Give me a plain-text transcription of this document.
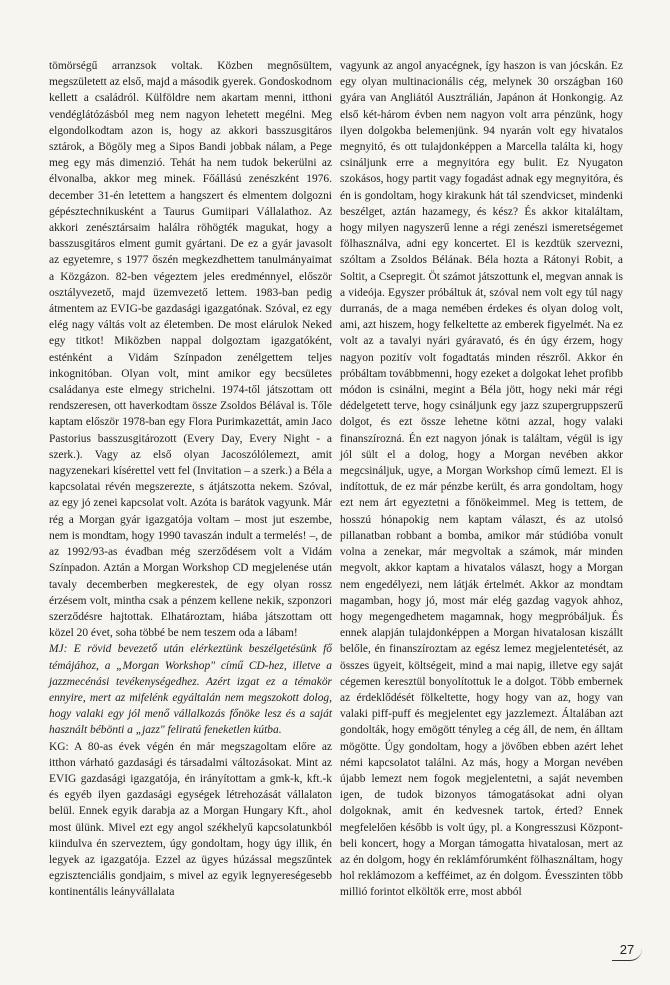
tömörségű arranzsok voltak. Közben megnősültem, megszületett az első, majd a második gyerek. Gondoskodnom kellett a családról. Külföldre nem akartam menni, itthoni vendéglátózásból meg nem nagyon lehetett megélni. Meg elgondolkodtam azon is, hogy az akkori basszusgitáros sztárok, a Bögöly meg a Sipos Bandi jobbak nálam, a Pege meg egy más dimenzió. Tehát ha nem tudok bekerülni az élvonalba, akkor meg minek. Főállású zenészként 1976. december 31-én letettem a hangszert és elmentem dolgozni gépésztechnikusként a Taurus Gumiipari Vállalathoz. Az akkori zenésztársaim halálra röhögték magukat, hogy a basszusgitáros elment gumit gyártani. De ez a gyár javasolt az egyetemre, s 1977 őszén megkezdhettem tanulmányaimat a Közgázon. 82-ben végeztem jeles eredménnyel, először osztályvezető, majd üzemvezető lettem. 1983-ban pedig átmentem az EVIG-be gazdasági igazgatónak. Szóval, ez egy elég nagy váltás volt az életemben. De most elárulok Neked egy titkot! Miközben nappal dolgoztam igazgatóként, esténként a Vidám Színpadon zenélgettem teljes inkognitóban. Olyan volt, mint amikor egy becsületes családanya este elmegy strichelni. 1974-től játszottam ott rendszeresen, ott haverkodtam össze Zsoldos Bélával is. Tőle kaptam először 1978-ban egy Flora Purimkazettát, amin Jaco Pastorius basszusgitározott (Every Day, Every Night - a szerk.). Vagy az első olyan Jacoszólólemezt, amit nagyzenekari kísérettel vett fel (Invitation – a szerk.) a Béla a kapcsolatai révén megszerezte, s átjátszotta nekem. Szóval, az egy jó zenei kapcsolat volt. Azóta is barátok vagyunk. Már rég a Morgan gyár igazgatója voltam – most jut eszembe, nem is mondtam, hogy 1990 tavaszán indult a termelés! –, de az 1992/93-as évadban még szerződésem volt a Vidám Színpadon. Aztán a Morgan Workshop CD megjelenése után tavaly decemberben megkerestek, de egy olyan rossz érzésem volt, mintha csak a pénzem kellene nekik, szponzori szerződésre hajtottak. Elhatároztam, hiába játszottam ott közel 20 évet, soha többé be nem teszem oda a lábam!

MJ: E rövid bevezető után elérkeztünk beszélgetésünk fő témájához, a „Morgan Workshop" című CD-hez, illetve a jazzmecénási tevékenységedhez. Azért izgat ez a témakör ennyire, mert az mifelénk egyáltalán nem megszokott dolog, hogy valaki egy jól menő vállalkozás főnöke lesz és a saját használt bébönti a „jazz" feliratú feneketlen kútba.

KG: A 80-as évek végén én már megszagoltam előre az itthon várható gazdasági és társadalmi változásokat. Mint az EVIG gazdasági igazgatója, én irányítottam a gmk-k, kft.-k és egyéb ilyen gazdasági egységek létrehozását vállalaton belül. Ennek egyik darabja az a Morgan Hungary Kft., ahol most ülünk. Mivel ezt egy angol székhelyű kapcsolatunkból kiindulva én szerveztem, úgy gondoltam, hogy úgy illik, én legyek az igazgatója. Ezzel az ügyes húzással megszűntek egzisztenciális gondjaim, s mivel az egyik legnyereségesebb kontinentális leányvállalata

vagyunk az angol anyacégnek, így haszon is van jócskán. Ez egy olyan multinacionális cég, melynek 30 országban 160 gyára van Angliától Ausztrálián, Japánon át Honkongig. Az első két-három évben nem nagyon volt arra pénzünk, hogy ilyen dolgokba belemenjünk. 94 nyarán volt egy hivatalos megnyitó, és ott tulajdonképpen a Marcella találta ki, hogy csináljunk erre a megnyitóra egy bulit. Ez Nyugaton szokásos, hogy partit vagy fogadást adnak egy megnyitóra, és én is gondoltam, hogy kirakunk hát tál szendvicset, mindenki beszélget, aztán hazamegy, és kész? És akkor kitaláltam, hogy milyen nagyszerű lenne a régi zenészi ismeretségemet fölhasználva, adni egy koncertet. El is kezdtük szervezni, szóltam a Zsoldos Bélának. Béla hozta a Rátonyi Robit, a Soltit, a Csepregit. Öt számot játszottunk el, megvan annak is a videója. Egyszer próbáltuk át, szóval nem volt egy túl nagy durranás, de a maga nemében érdekes és olyan dolog volt, ami, azt hiszem, hogy felkeltette az emberek figyelmét. Na ez volt az a tavalyi nyári gyáravató, és én úgy érzem, hogy nagyon pozitív volt fogadtatás minden részről. Akkor én próbáltam továbbmenni, hogy ezeket a dolgokat lehet profibb módon is csinálni, megint a Béla jött, hogy neki már régi dédelgetett terve, hogy csináljunk egy jazz szupergruppszerű dolgot, és ezt össze lehetne kötni azzal, hogy valaki finanszírozná. Én ezt nagyon jónak is találtam, végül is igy jól sült el a dolog, hogy a Morgan nevében akkor megcsináljuk, ugye, a Morgan Workshop című lemezt. El is indítottuk, de ez már pénzbe került, és arra gondoltam, hogy ezt nem árt egyeztetni a főnökeimmel. Meg is tettem, de hosszú hónapokig nem kaptam választ, és az utolsó pillanatban robbant a bomba, amikor már stúdióba vonult volna a zenekar, már megvoltak a számok, már minden megvolt, akkor kaptam a hivatalos választ, hogy a Morgan nem engedélyezi, nem látják értelmét. Akkor az mondtam magamban, hogy jó, most már elég gazdag vagyok ahhoz, hogy megengedhetem magamnak, hogy megpróbáljuk. És ennek alapján tulajdonképpen a Morgan hivatalosan kiszállt belőle, én finanszíroztam az egész lemez megjelentetését, az összes ügyeit, költségeit, mind a mai napig, illetve egy saját cégemen keresztül bonyolítottuk le a dolgot. Több embernek az érdeklődését fölkeltette, hogy hogy van az, hogy van valaki piff-puff és megjelentet egy jazzlemezt. Általában azt gondolták, hogy emögött tényleg a cég áll, de nem, én álltam mögötte. Úgy gondoltam, hogy a jövőben ebben azért lehet némi kapcsolatot találni. Az más, hogy a Morgan nevében újabb lemezt nem fogok megjelentetni, a saját nevemben igen, de tudok bizonyos támogatásokat adni olyan dolgoknak, amit én kedvesnek tartok, érted? Ennek megfelelően később is volt úgy, pl. a Kongresszusi Központ-beli koncert, hogy a Morgan támogatta hivatalosan, mert az az én dolgom, hogy én reklámfórumként fölhasználtam, hogy hol reklámozom a kefféimet, az én dolgom. Évesszinten több millió forintot elköltök erre, most abból

27
